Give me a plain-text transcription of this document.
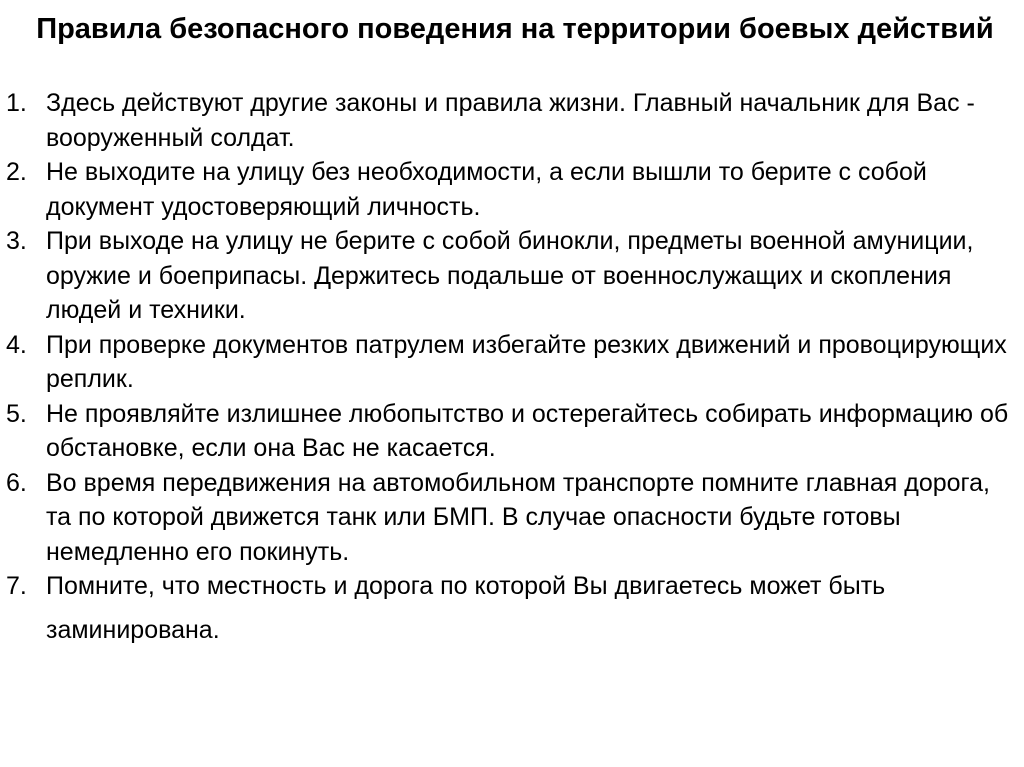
Правила безопасного поведения на территории боевых действий
1. Здесь действуют другие законы и правила жизни. Главный начальник для Вас - вооруженный солдат.
2. Не выходите на улицу без необходимости, а если вышли то берите с собой документ удостоверяющий личность.
3. При выходе на улицу не берите с собой бинокли, предметы военной амуниции, оружие и боеприпасы. Держитесь подальше от военнослужащих и скопления людей и техники.
4. При проверке документов патрулем избегайте резких движений и провоцирующих реплик.
5. Не проявляйте излишнее любопытство и остерегайтесь собирать информацию об обстановке, если она Вас не касается.
6. Во время передвижения на автомобильном транспорте помните главная дорога, та по которой движется танк или БМП. В случае опасности будьте готовы немедленно его покинуть.
7. Помните, что местность и дорога по которой Вы двигаетесь может быть
заминирована.
